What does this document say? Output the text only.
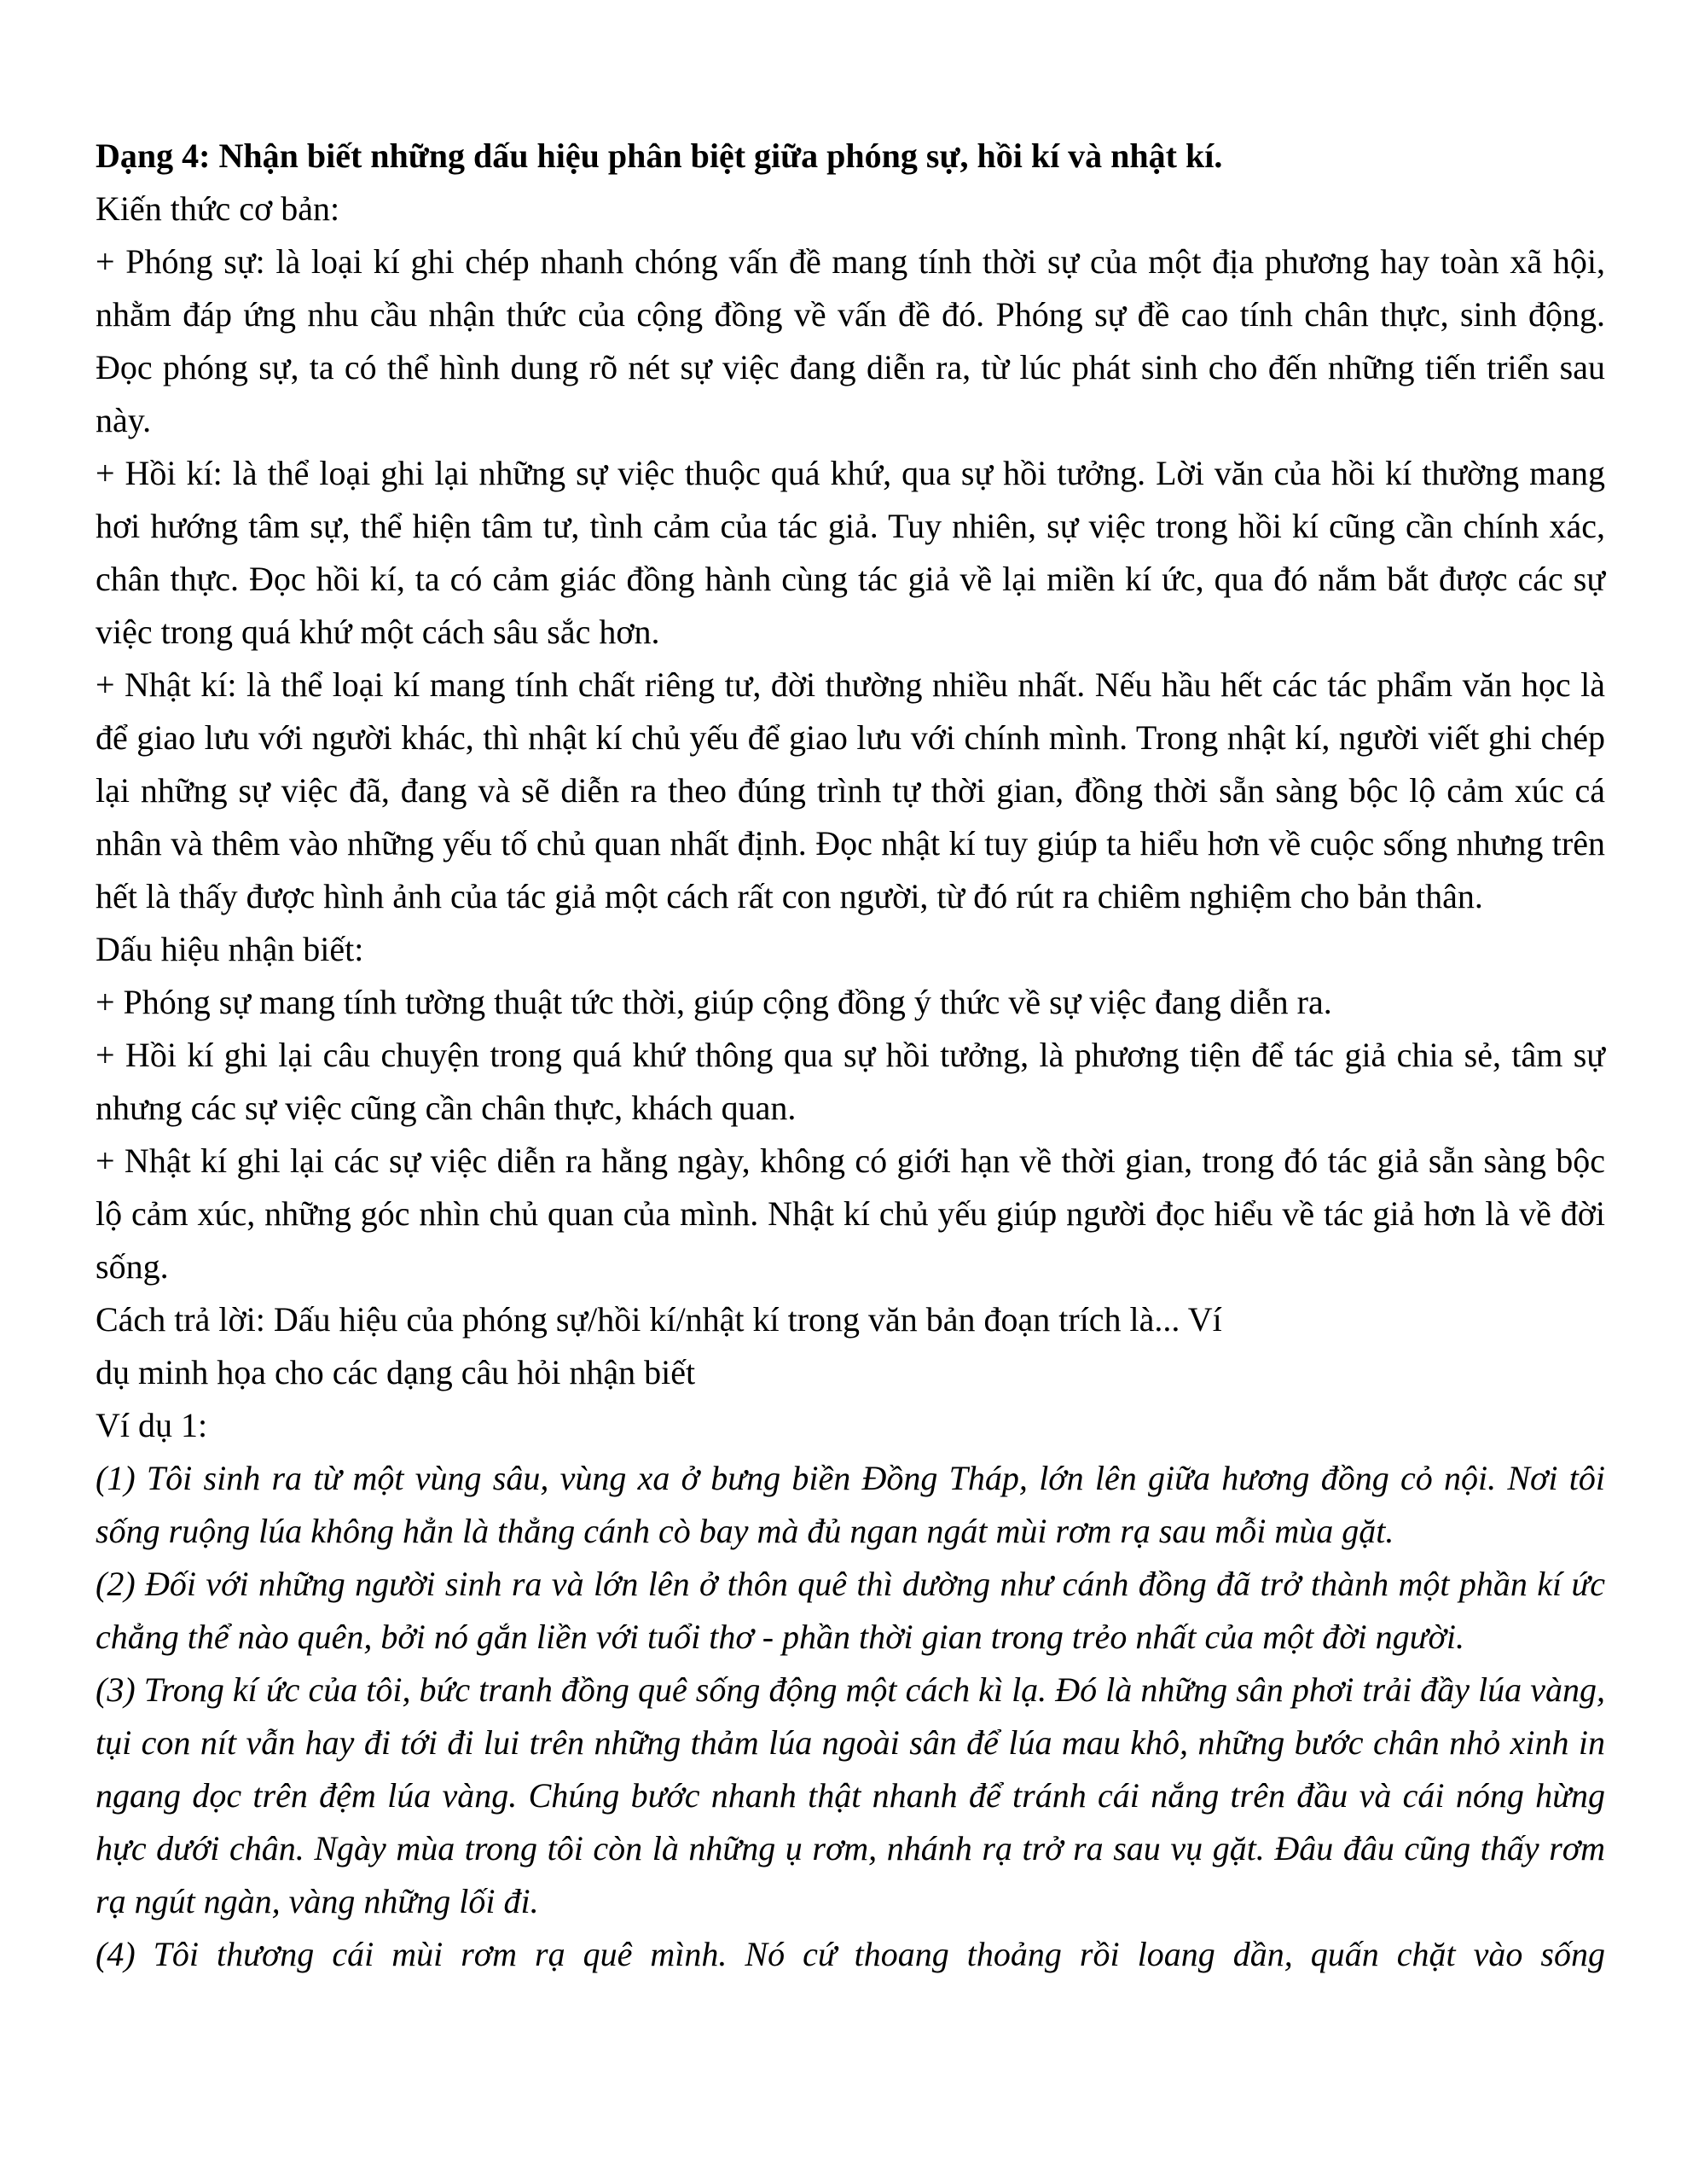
Dạng 4: Nhận biết những dấu hiệu phân biệt giữa phóng sự, hồi kí và nhật kí.

Kiến thức cơ bản:

+ Phóng sự: là loại kí ghi chép nhanh chóng vấn đề mang tính thời sự của một địa phương hay toàn xã hội, nhằm đáp ứng nhu cầu nhận thức của cộng đồng về vấn đề đó. Phóng sự đề cao tính chân thực, sinh động. Đọc phóng sự, ta có thể hình dung rõ nét sự việc đang diễn ra, từ lúc phát sinh cho đến những tiến triển sau này.

+ Hồi kí: là thể loại ghi lại những sự việc thuộc quá khứ, qua sự hồi tưởng. Lời văn của hồi kí thường mang hơi hướng tâm sự, thể hiện tâm tư, tình cảm của tác giả. Tuy nhiên, sự việc trong hồi kí cũng cần chính xác, chân thực. Đọc hồi kí, ta có cảm giác đồng hành cùng tác giả về lại miền kí ức, qua đó nắm bắt được các sự việc trong quá khứ một cách sâu sắc hơn.

+ Nhật kí: là thể loại kí mang tính chất riêng tư, đời thường nhiều nhất. Nếu hầu hết các tác phẩm văn học là để giao lưu với người khác, thì nhật kí chủ yếu để giao lưu với chính mình. Trong nhật kí, người viết ghi chép lại những sự việc đã, đang và sẽ diễn ra theo đúng trình tự thời gian, đồng thời sẵn sàng bộc lộ cảm xúc cá nhân và thêm vào những yếu tố chủ quan nhất định. Đọc nhật kí tuy giúp ta hiểu hơn về cuộc sống nhưng trên hết là thấy được hình ảnh của tác giả một cách rất con người, từ đó rút ra chiêm nghiệm cho bản thân.

Dấu hiệu nhận biết:

+ Phóng sự mang tính tường thuật tức thời, giúp cộng đồng ý thức về sự việc đang diễn ra.

+ Hồi kí ghi lại câu chuyện trong quá khứ thông qua sự hồi tưởng, là phương tiện để tác giả chia sẻ, tâm sự nhưng các sự việc cũng cần chân thực, khách quan.

+ Nhật kí ghi lại các sự việc diễn ra hằng ngày, không có giới hạn về thời gian, trong đó tác giả sẵn sàng bộc lộ cảm xúc, những góc nhìn chủ quan của mình. Nhật kí chủ yếu giúp người đọc hiểu về tác giả hơn là về đời sống.

Cách trả lời: Dấu hiệu của phóng sự/hồi kí/nhật kí trong văn bản đoạn trích là... Ví

dụ minh họa cho các dạng câu hỏi nhận biết

Ví dụ 1:

(1) Tôi sinh ra từ một vùng sâu, vùng xa ở bưng biền Đồng Tháp, lớn lên giữa hương đồng cỏ nội. Nơi tôi sống ruộng lúa không hẳn là thẳng cánh cò bay mà đủ ngan ngát mùi rơm rạ sau mỗi mùa gặt.

(2) Đối với những người sinh ra và lớn lên ở thôn quê thì dường như cánh đồng đã trở thành một phần kí ức chẳng thể nào quên, bởi nó gắn liền với tuổi thơ - phần thời gian trong trẻo nhất của một đời người.

(3) Trong kí ức của tôi, bức tranh đồng quê sống động một cách kì lạ. Đó là những sân phơi trải đầy lúa vàng, tụi con nít vẫn hay đi tới đi lui trên những thảm lúa ngoài sân để lúa mau khô, những bước chân nhỏ xinh in ngang dọc trên đệm lúa vàng. Chúng bước nhanh thật nhanh để tránh cái nắng trên đầu và cái nóng hừng hực dưới chân. Ngày mùa trong tôi còn là những ụ rơm, nhánh rạ trở ra sau vụ gặt. Đâu đâu cũng thấy rơm rạ ngút ngàn, vàng những lối đi.

(4) Tôi thương cái mùi rơm rạ quê mình. Nó cứ thoang thoảng rồi loang dần, quấn chặt vào sống
